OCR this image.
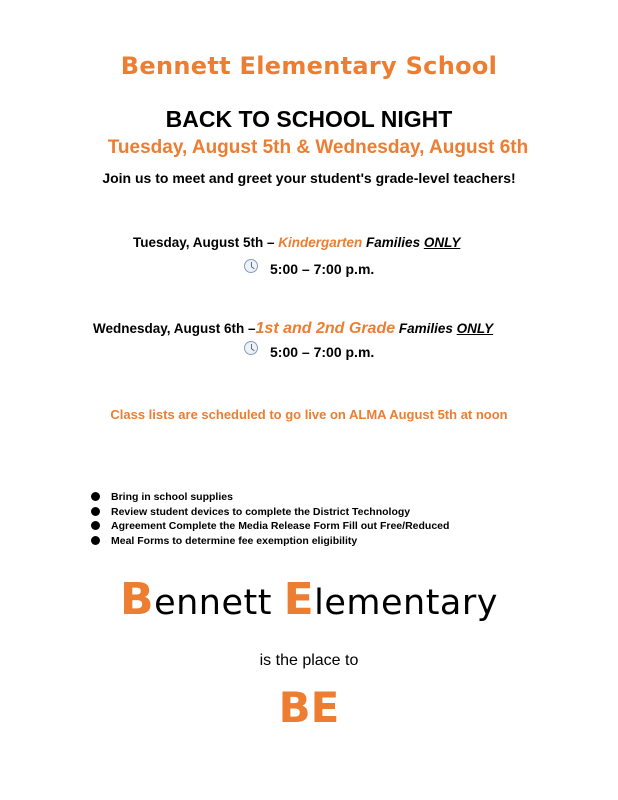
Bennett Elementary School
BACK TO SCHOOL NIGHT
Tuesday, August 5th & Wednesday, August 6th
Join us to meet and greet your student's grade-level teachers!
Tuesday, August 5th – Kindergarten Families ONLY
5:00 – 7:00 p.m.
Wednesday, August 6th –1st and 2nd Grade Families ONLY
5:00 – 7:00 p.m.
Class lists are scheduled to go live on ALMA August 5th at noon
Bring in school supplies
Review student devices to complete the District Technology
Agreement Complete the Media Release Form Fill out Free/Reduced
Meal Forms to determine fee exemption eligibility
Bennett Elementary
is the place to
BE
